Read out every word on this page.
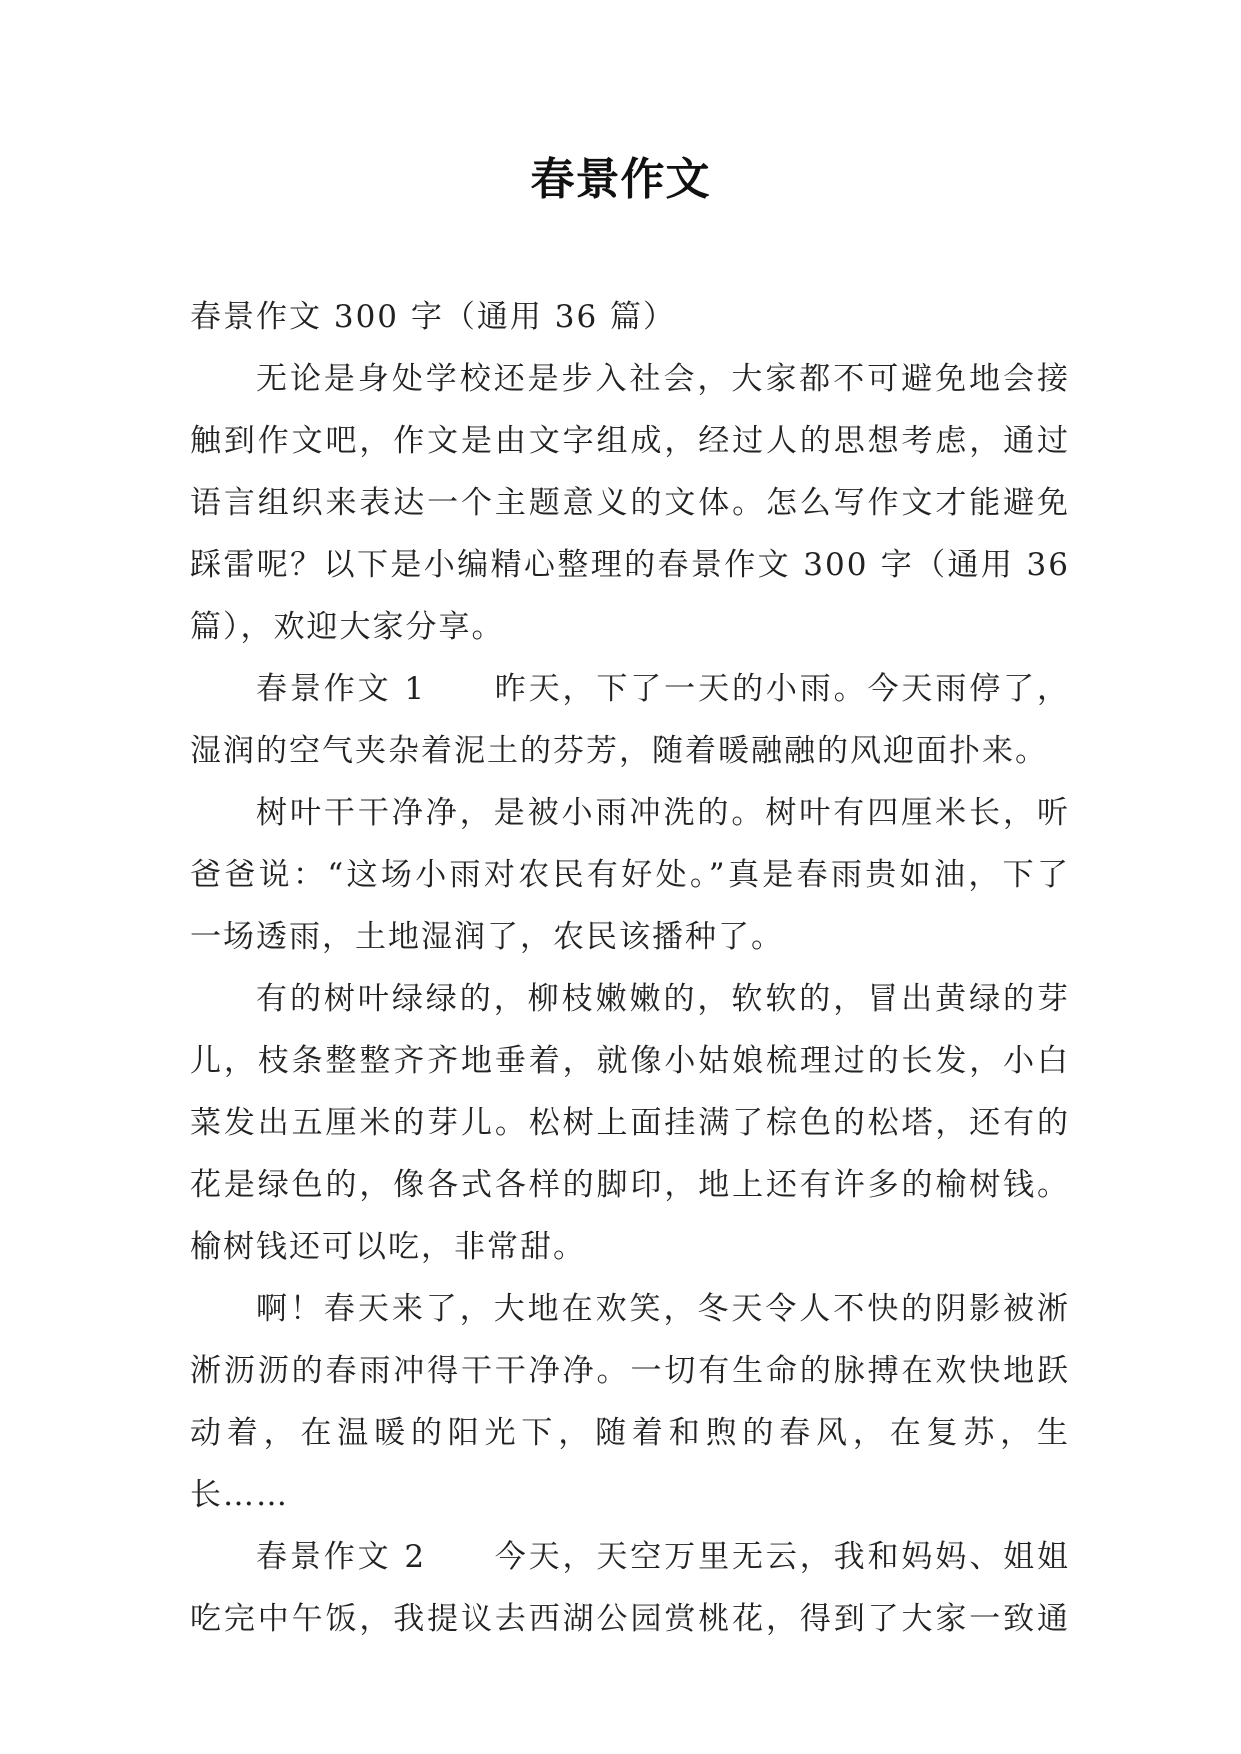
春景作文
春景作文 300 字（通用 36 篇）
无论是身处学校还是步入社会，大家都不可避免地会接
触到作文吧，作文是由文字组成，经过人的思想考虑，通过
语言组织来表达一个主题意义的文体。怎么写作文才能避免
踩雷呢？以下是小编精心整理的春景作文 300 字（通用 36
篇），欢迎大家分享。
春景作文 1　　昨天，下了一天的小雨。今天雨停了，
湿润的空气夹杂着泥土的芬芳，随着暖融融的风迎面扑来。
树叶干干净净，是被小雨冲洗的。树叶有四厘米长，听
爸爸说：“这场小雨对农民有好处。”真是春雨贵如油，下了
一场透雨，土地湿润了，农民该播种了。
有的树叶绿绿的，柳枝嫩嫩的，软软的，冒出黄绿的芽
儿，枝条整整齐齐地垂着，就像小姑娘梳理过的长发，小白
菜发出五厘米的芽儿。松树上面挂满了棕色的松塔，还有的
花是绿色的，像各式各样的脚印，地上还有许多的榆树钱。
榆树钱还可以吃，非常甜。
啊！春天来了，大地在欢笑，冬天令人不快的阴影被淅
淅沥沥的春雨冲得干干净净。一切有生命的脉搏在欢快地跃
动着，在温暖的阳光下，随着和煦的春风，在复苏，生
长……
春景作文 2　　今天，天空万里无云，我和妈妈、姐姐
吃完中午饭，我提议去西湖公园赏桃花，得到了大家一致通
